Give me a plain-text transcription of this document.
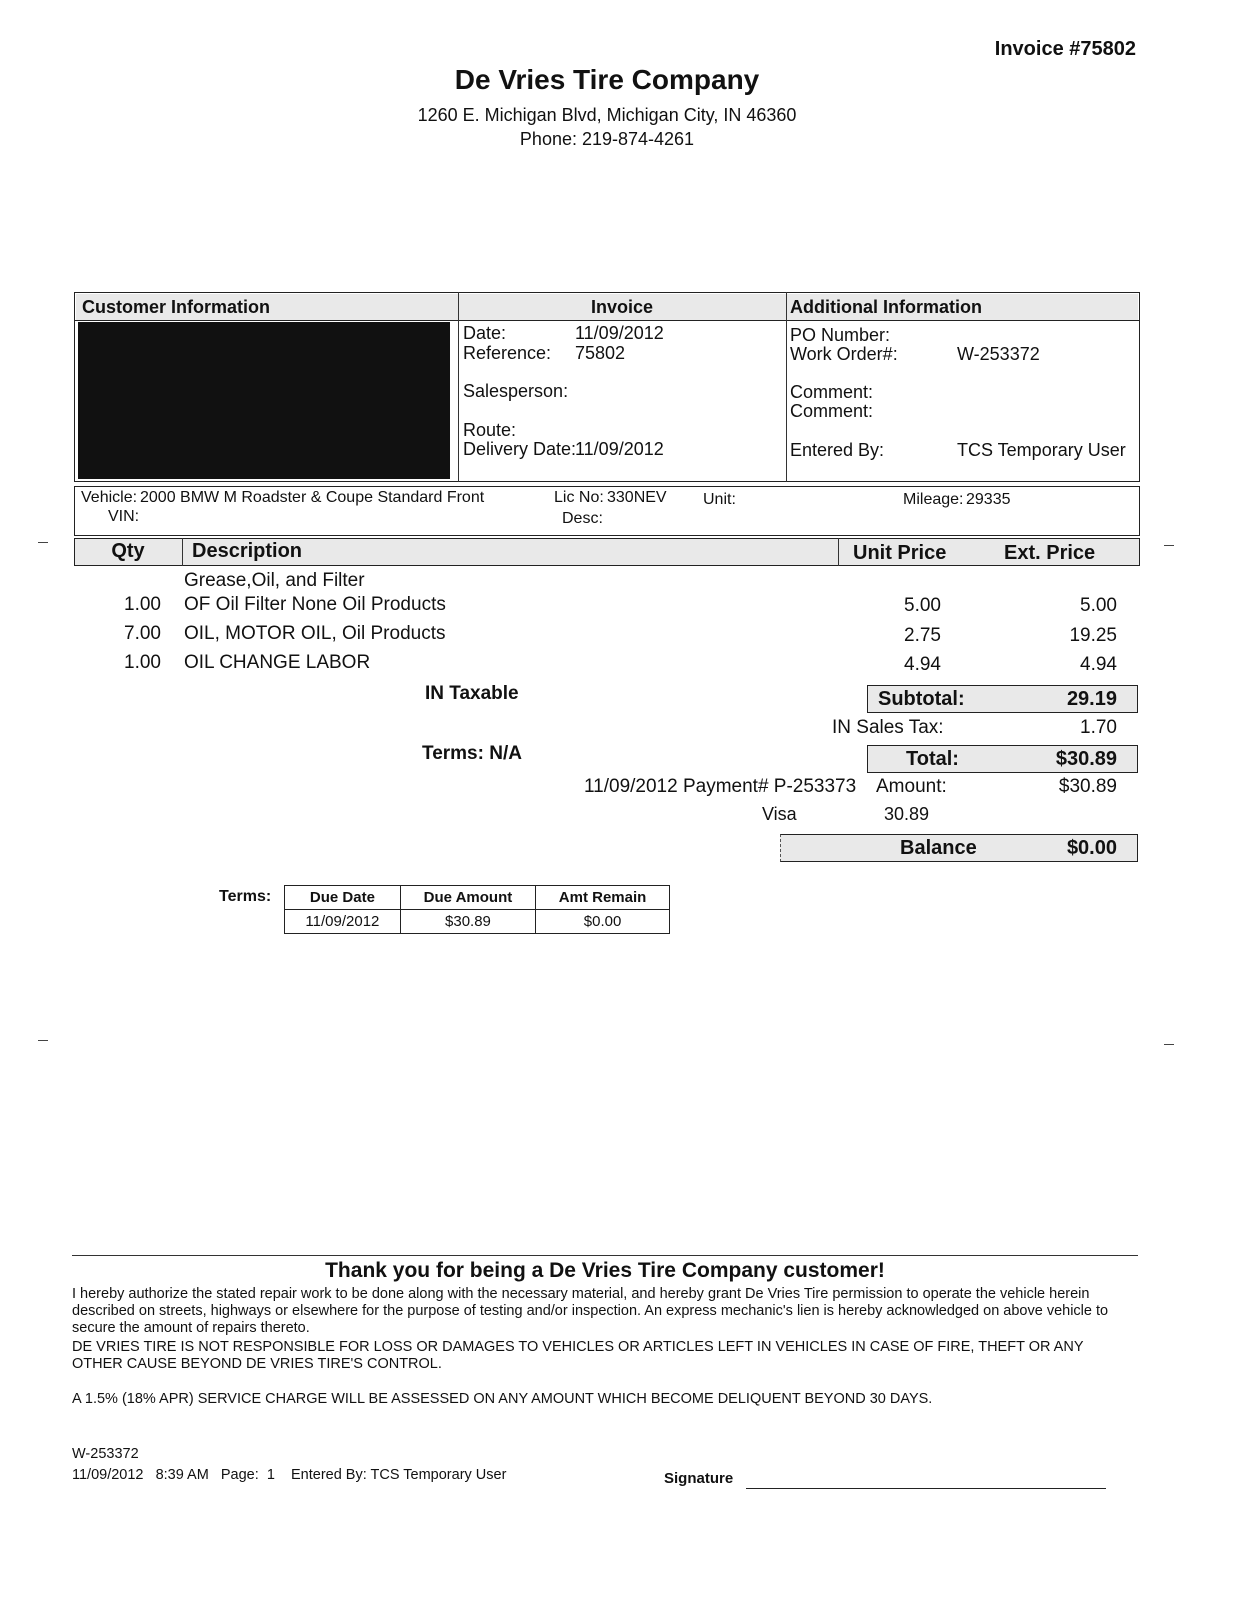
Invoice #75802
De Vries Tire Company
1260 E. Michigan Blvd, Michigan City, IN 46360
Phone: 219-874-4261
Customer Information	Invoice	Additional Information
Date:	11/09/2012
Reference: 75802
Salesperson:
Route:
Delivery Date:
11/09/2012
PO Number:
Work Order#:	W-253372
Comment:
Comment:
Entered By:	TCS Temporary User
Vehicle: 2000 BMW M Roadster & Coupe Standard Front
VIN:
Lic No: 330NEV
Desc:
Unit:	Mileage: 29335
Qty	Description	Unit Price	Ext. Price
Grease,Oil, and Filter
1.00 OF Oil Filter None Oil Products	5.00	5.00
7.00 OIL, MOTOR OIL, Oil Products	2.75	19.25
1.00 OIL CHANGE LABOR	4.94	4.94
IN Taxable	Subtotal:	29.19
IN Sales Tax:	1.70
Terms: N/A	Total:	$30.89
11/09/2012 Payment# P-253373 Amount:	$30.89
Visa	30.89
Balance	$0.00
Terms:	Due Date	Due Amount	Amt Remain
11/09/2012	$30.89	$0.00
Thank you for being a De Vries Tire Company customer!
I hereby authorize the stated repair work to be done along with the necessary material, and hereby grant De Vries Tire permission to operate the vehicle herein described on streets, highways or elsewhere for the purpose of testing and/or inspection. An express mechanic's lien is hereby acknowledged on above vehicle to secure the amount of repairs thereto.
DE VRIES TIRE IS NOT RESPONSIBLE FOR LOSS OR DAMAGES TO VEHICLES OR ARTICLES LEFT IN VEHICLES IN CASE OF FIRE, THEFT OR ANY OTHER CAUSE BEYOND DE VRIES TIRE'S CONTROL.
A 1.5% (18% APR) SERVICE CHARGE WILL BE ASSESSED ON ANY AMOUNT WHICH BECOME DELIQUENT BEYOND 30 DAYS.
W-253372
11/09/2012   8:39 AM   Page:  1    Entered By: TCS Temporary User	Signature
